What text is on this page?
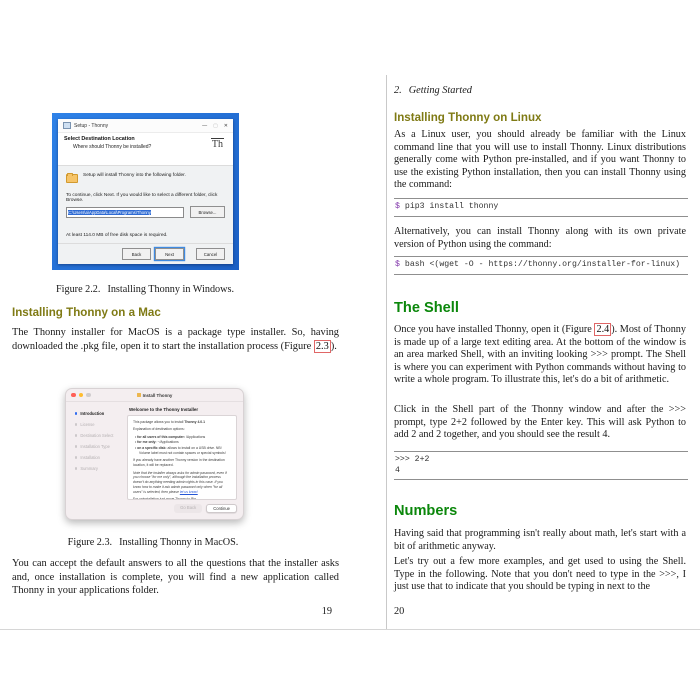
Setup - Thonny	— ▢ ✕
Select Destination Location
Where should Thonny be installed?	Th
Setup will install Thonny into the following folder.
To continue, click Next. If you would like to select a different folder, click Browse.
C:\Users\a\AppData\Local\Programs\Thonny	Browse...
At least 114.0 MB of free disk space is required.
Back	Next	Cancel
Figure 2.2. Installing Thonny in Windows.
Installing Thonny on a Mac
The Thonny installer for MacOS is a package type installer. So, having downloaded the .pkg file, open it to start the installation process (Figure 2.3 ).
Install Thonny
Introduction
License
Destination Select
Installation Type
Installation
Summary
Welcome to the Thonny Installer

This package allows you to install Thonny 4.0.1

Explanation of destination options:

• for all users of this computer: /Applications
• for me only: ~/Applications
• on a specific disk: allows to install on a USB drive. NB! Volume label must not contain spaces or special symbols!

If you already have another Thonny version in the destination location, it will be replaced.

Note that the installer always asks for admin password, even if you choose "for me only", although the installation process doesn't do anything needing admin rights in this case. If you know how to make it ask admin password only when "for all users" is selected, then please let us know!

For uninstallation just move Thonny to Bin.

Go Back	Continue
Figure 2.3. Installing Thonny in MacOS.
You can accept the default answers to all the questions that the installer asks and, once installation is complete, you will find a new application called Thonny in your applications folder.
19
2. Getting Started
Installing Thonny on Linux
As a Linux user, you should already be familiar with the Linux command line that you will use to install Thonny. Linux distributions generally come with Python pre-installed, and if you want Thonny to use the existing Python installation, then you can install Thonny using the command:
$ pip3 install thonny
Alternatively, you can install Thonny along with its own private version of Python using the command:
$ bash <(wget -O - https://thonny.org/installer-for-linux)
The Shell
Once you have installed Thonny, open it (Figure 2.4 ). Most of Thonny is made up of a large text editing area. At the bottom of the window is an area marked Shell, with an inviting looking >>> prompt. The Shell is where you can experiment with Python commands without having to write a whole program. To illustrate this, let's do a bit of arithmetic.
Click in the Shell part of the Thonny window and after the >>> prompt, type 2+2 followed by the Enter key. This will ask Python to add 2 and 2 together, and you should see the result 4.
>>> 2+2
4
Numbers
Having said that programming isn't really about math, let's start with a bit of arithmetic anyway.
Let's try out a few more examples, and get used to using the Shell. Type in the following. Note that you don't need to type in the >>>, I just use that to indicate that you should be typing in next to the
20
